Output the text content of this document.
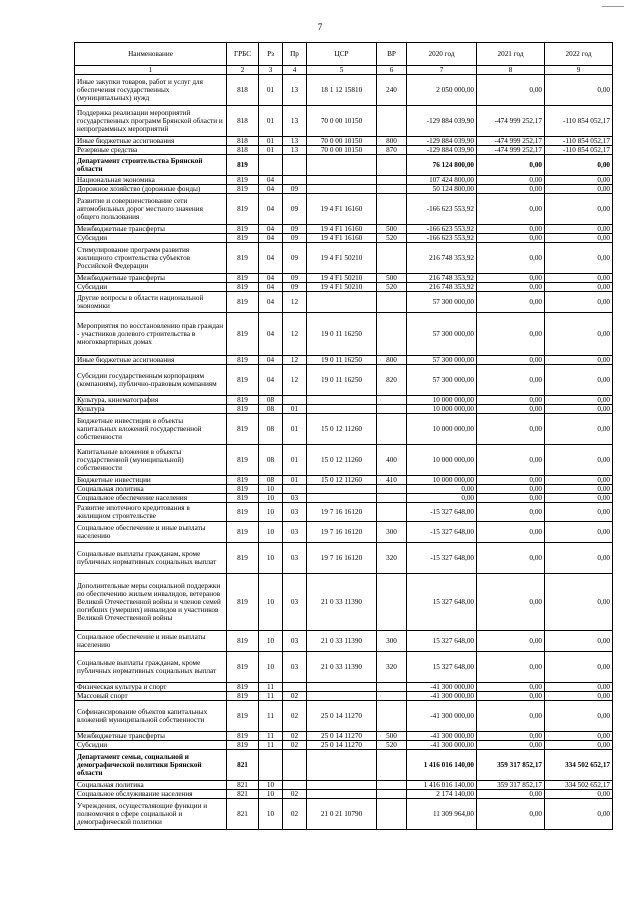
7
Наименование	ГРБС	Рз	Пр	ЦСР	ВР	2020 год	2021 год	2022 год
1	2	3	4	5	6	7	8	9
Иные закупки товаров, работ и услуг для обеспечения государственных (муниципальных) нужд	818	01	13	18 1 12 15810	240	2 050 000,00	0,00	0,00
Поддержка реализации мероприятий государственных программ Брянской области и непрограммных мероприятий	818	01	13	70 0 00 10150		-129 884 039,90	-474 999 252,17	-110 854 052,17
Иные бюджетные ассигнования	818	01	13	70 0 00 10150	800	-129 884 039,90	-474 999 252,17	-110 854 052,17
Резервные средства	818	01	13	70 0 00 10150	870	-129 884 039,90	-474 999 252,17	-110 854 052,17
Департамент строительства Брянской области	819					76 124 800,00	0,00	0,00
Национальная экономика	819	04				107 424 800,00	0,00	0,00
Дорожное хозяйство (дорожные фонды)	819	04	09			50 124 800,00	0,00	0,00
Развитие и совершенствование сети автомобильных дорог местного значения общего пользования	819	04	09	19 4 F1 16160		-166 623 553,92	0,00	0,00
Межбюджетные трансферты	819	04	09	19 4 F1 16160	500	-166 623 553,92	0,00	0,00
Субсидии	819	04	09	19 4 F1 16160	520	-166 623 553,92	0,00	0,00
Стимулирование программ развития жилищного строительства субъектов Российской Федерации	819	04	09	19 4 F1 50210		216 748 353,92	0,00	0,00
Межбюджетные трансферты	819	04	09	19 4 F1 50210	500	216 748 353,92	0,00	0,00
Субсидии	819	04	09	19 4 F1 50210	520	216 748 353,92	0,00	0,00
Другие вопросы в области национальной экономики	819	04	12			57 300 000,00	0,00	0,00
Мероприятия по восстановлению прав граждан - участников долевого строительства в многоквартирных домах	819	04	12	19 0 11 16250		57 300 000,00	0,00	0,00
Иные бюджетные ассигнования	819	04	12	19 0 11 16250	800	57 300 000,00	0,00	0,00
Субсидии государственным корпорациям (компаниям), публично-правовым компаниям	819	04	12	19 0 11 16250	820	57 300 000,00	0,00	0,00
Культура, кинематография	819	08				10 000 000,00	0,00	0,00
Культура	819	08	01			10 000 000,00	0,00	0,00
Бюджетные инвестиции в объекты капитальных вложений государственной собственности	819	08	01	15 0 12 11260		10 000 000,00	0,00	0,00
Капитальные вложения в объекты государственной (муниципальной) собственности	819	08	01	15 0 12 11260	400	10 000 000,00	0,00	0,00
Бюджетные инвестиции	819	08	01	15 0 12 11260	410	10 000 000,00	0,00	0,00
Социальная политика	819	10				0,00	0,00	0,00
Социальное обеспечение населения	819	10	03			0,00	0,00	0,00
Развитие ипотечного кредитования в жилищном строительстве	819	10	03	19 7 16 16120		-15 327 648,00	0,00	0,00
Социальное обеспечение и иные выплаты населению	819	10	03	19 7 16 16120	300	-15 327 648,00	0,00	0,00
Социальные выплаты гражданам, кроме публичных нормативных социальных выплат	819	10	03	19 7 16 16120	320	-15 327 648,00	0,00	0,00
Дополнительные меры социальной поддержки по обеспечению жильем инвалидов, ветеранов Великой Отечественной войны и членов семей погибших (умерших) инвалидов и участников Великой Отечественной войны	819	10	03	21 0 33 11390		15 327 648,00	0,00	0,00
Социальное обеспечение и иные выплаты населению	819	10	03	21 0 33 11390	300	15 327 648,00	0,00	0,00
Социальные выплаты гражданам, кроме публичных нормативных социальных выплат	819	10	03	21 0 33 11390	320	15 327 648,00	0,00	0,00
Физическая культура и спорт	819	11				-41 300 000,00	0,00	0,00
Массовый спорт	819	11	02			-41 300 000,00	0,00	0,00
Софинансирование объектов капитальных вложений муниципальной собственности	819	11	02	25 0 14 11270		-41 300 000,00	0,00	0,00
Межбюджетные трансферты	819	11	02	25 0 14 11270	500	-41 300 000,00	0,00	0,00
Субсидии	819	11	02	25 0 14 11270	520	-41 300 000,00	0,00	0,00
Департамент семьи, социальной и демографической политики Брянской области	821					1 416 016 140,00	359 317 852,17	334 502 652,17
Социальная политика	821	10				1 416 016 140,00	359 317 852,17	334 502 652,17
Социальное обслуживание населения	821	10	02			2 174 140,00	0,00	0,00
Учреждения, осуществляющие функции и полномочия в сфере социальной и демографической политики	821	10	02	21 0 21 10790		11 309 964,00	0,00	0,00
